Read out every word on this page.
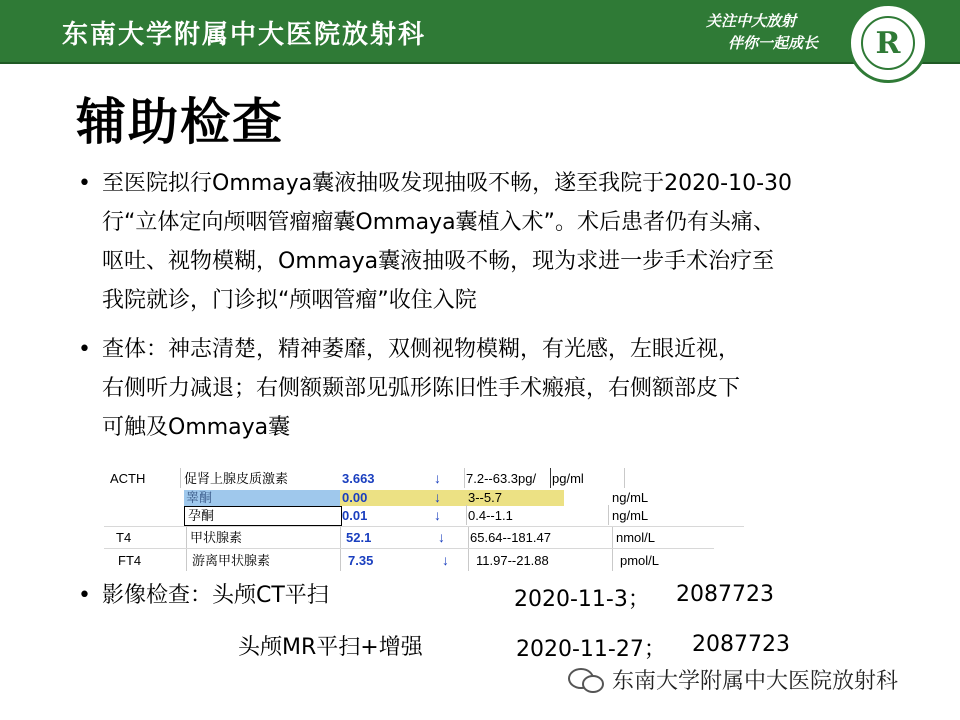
东南大学附属中大医院放射科	关注中大放射
伴你一起成长	R
辅助检查
• 至医院拟行Ommaya囊液抽吸发现抽吸不畅，遂至我院于2020-10-30
行“立体定向颅咽管瘤瘤囊Ommaya囊植入术”。术后患者仍有头痛、
呕吐、视物模糊，Ommaya囊液抽吸不畅，现为求进一步手术治疗至
我院就诊，门诊拟“颅咽管瘤”收住入院
• 查体：神志清楚，精神萎靡，双侧视物模糊，有光感，左眼近视，
右侧听力减退；右侧额颞部见弧形陈旧性手术瘢痕，右侧额部皮下
可触及Ommaya囊
ACTH	促肾上腺皮质激素	3.663	↓ 7.2--63.3pg/ pg/ml
睾酮	0.00	↓ 3--5.7	ng/mL
孕酮	0.01	↓ 0.4--1.1	ng/mL
T4	甲状腺素	52.1	↓ 65.64--181.47	nmol/L
FT4	游离甲状腺素	7.35	↓ 11.97--21.88	pmol/L
• 影像检查：头颅CT平扫	2020-11-3； 2087723
头颅MR平扫+增强	2020-11-27； 2087723
东南大学附属中大医院放射科
